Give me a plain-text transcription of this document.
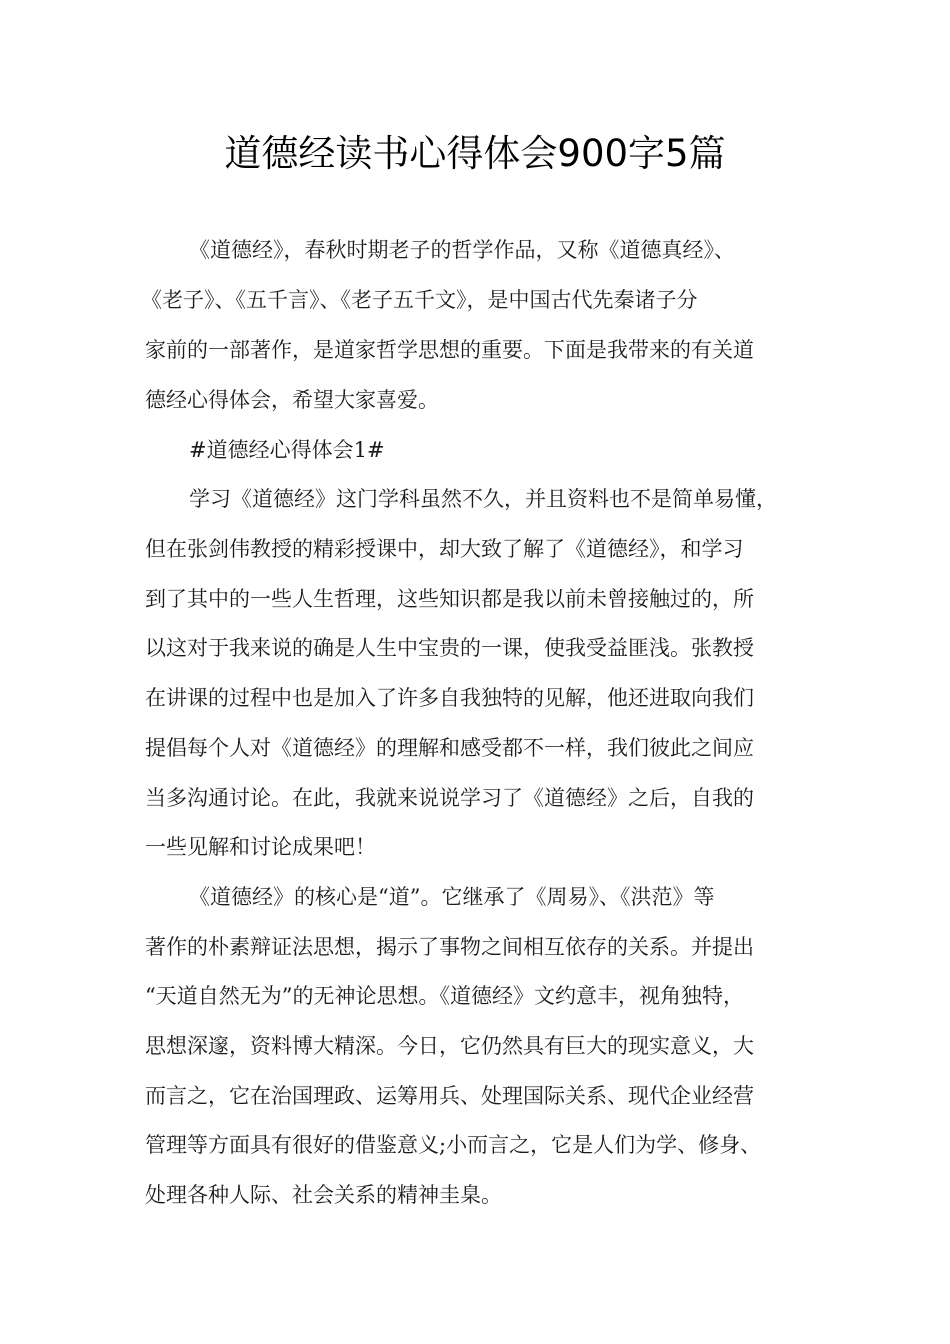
道德经读书心得体会900字5篇
《道德经》，春秋时期老子的哲学作品，又称《道德真经》、
《老子》、《五千言》、《老子五千文》，是中国古代先秦诸子分
家前的一部著作，是道家哲学思想的重要。下面是我带来的有关道
德经心得体会，希望大家喜爱。
#道德经心得体会1#
学习《道德经》这门学科虽然不久，并且资料也不是简单易懂，
但在张剑伟教授的精彩授课中，却大致了解了《道德经》，和学习
到了其中的一些人生哲理，这些知识都是我以前未曾接触过的，所
以这对于我来说的确是人生中宝贵的一课，使我受益匪浅。张教授
在讲课的过程中也是加入了许多自我独特的见解，他还进取向我们
提倡每个人对《道德经》的理解和感受都不一样，我们彼此之间应
当多沟通讨论。在此，我就来说说学习了《道德经》之后，自我的
一些见解和讨论成果吧！
《道德经》的核心是“道”。它继承了《周易》、《洪范》等
著作的朴素辩证法思想，揭示了事物之间相互依存的关系。并提出
“天道自然无为”的无神论思想。《道德经》文约意丰，视角独特，
思想深邃，资料博大精深。今日，它仍然具有巨大的现实意义，大
而言之，它在治国理政、运筹用兵、处理国际关系、现代企业经营
管理等方面具有很好的借鉴意义;小而言之，它是人们为学、修身、
处理各种人际、社会关系的精神圭臬。
